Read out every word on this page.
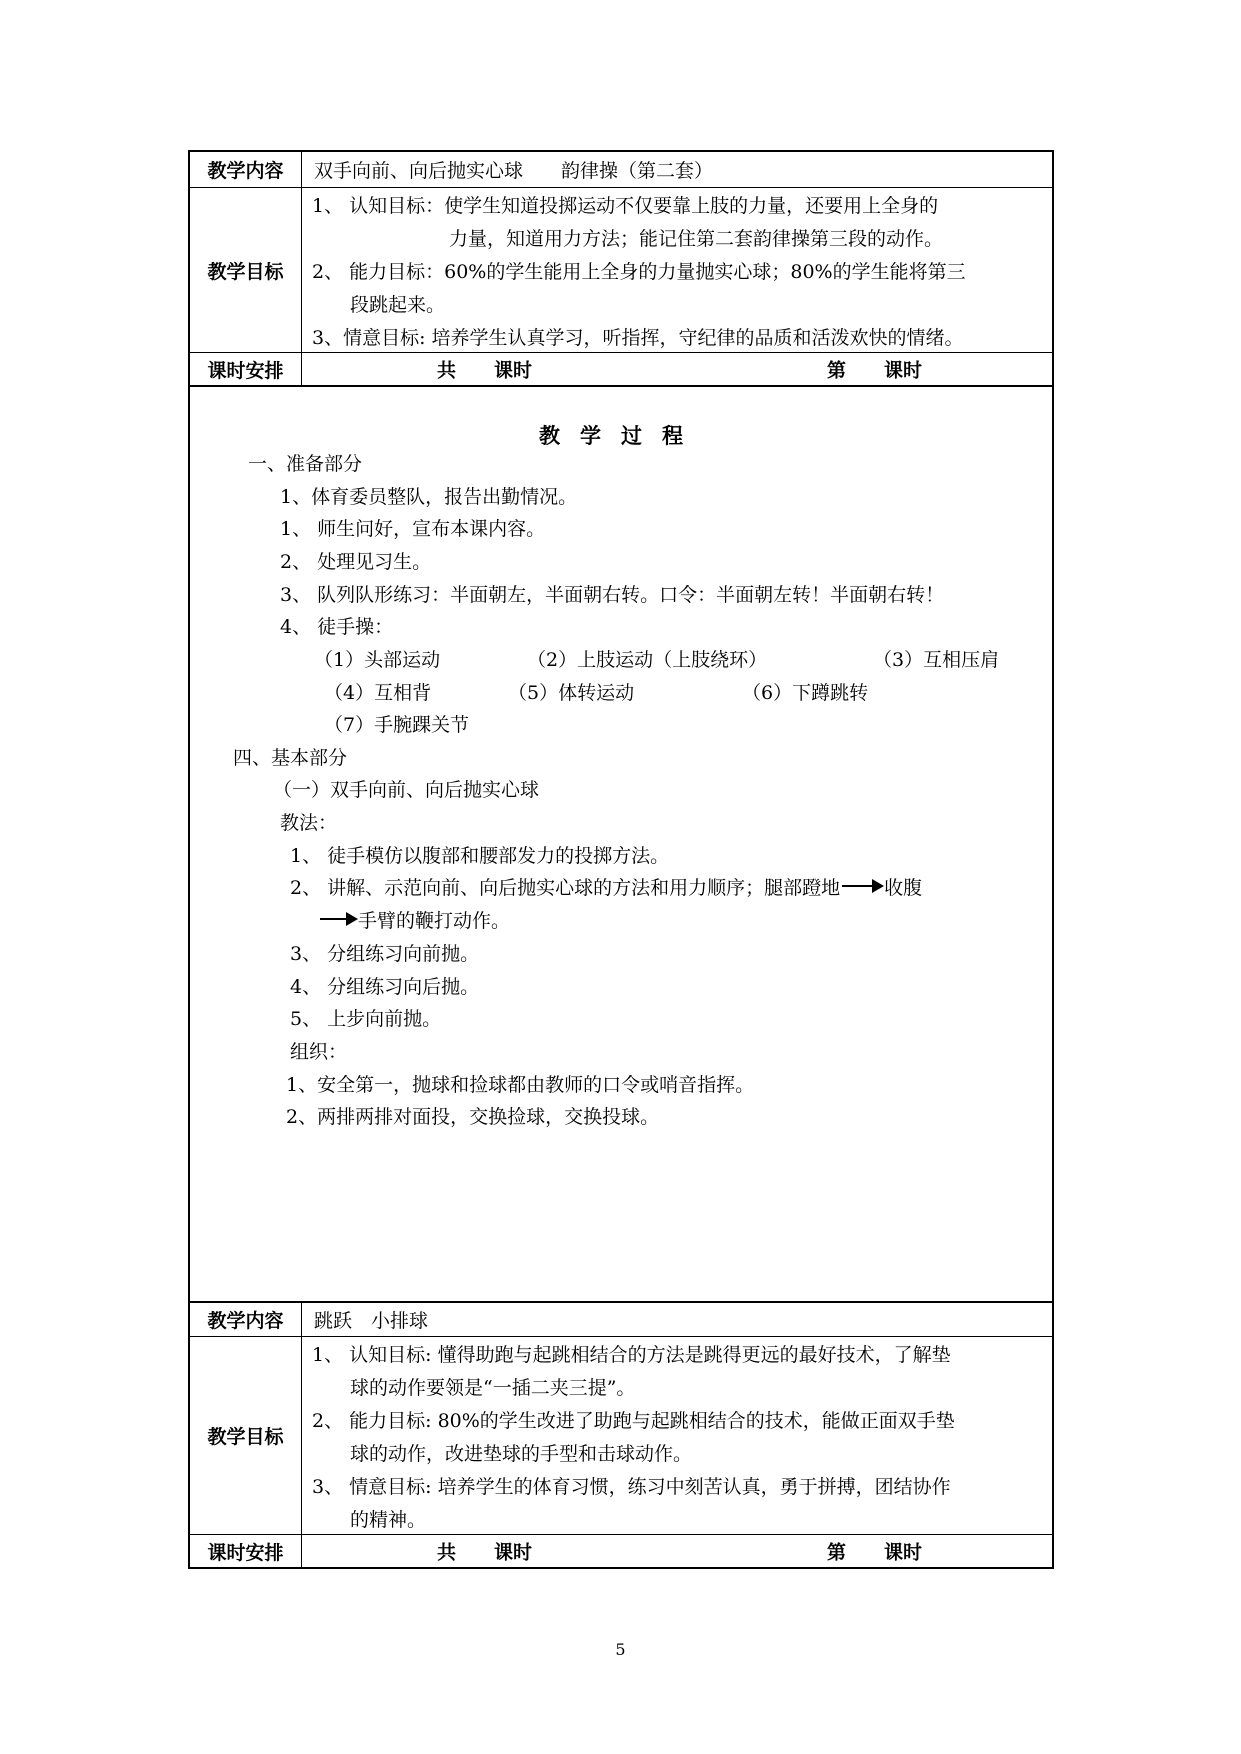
教学内容	双手向前、向后抛实心球　　韵律操（第二套）
教学目标
1、 认知目标：使学生知道投掷运动不仅要靠上肢的力量，还要用上全身的
力量，知道用力方法；能记住第二套韵律操第三段的动作。
2、 能力目标：60%的学生能用上全身的力量抛实心球；80%的学生能将第三
段跳起来。
3、情意目标: 培养学生认真学习，听指挥，守纪律的品质和活泼欢快的情绪。
课时安排	共　　课时	第　　课时
教学过程
一、准备部分
1、体育委员整队，报告出勤情况。
1、 师生问好，宣布本课内容。
2、 处理见习生。
3、 队列队形练习：半面朝左，半面朝右转。口令：半面朝左转！半面朝右转！
4、 徒手操：
（1）头部运动	（2）上肢运动（上肢绕环）	（3）互相压肩
（4）互相背	（5）体转运动	（6）下蹲跳转
（7）手腕踝关节
四、基本部分
（一）双手向前、向后抛实心球
教法：
1、 徒手模仿以腹部和腰部发力的投掷方法。
2、 讲解、示范向前、向后抛实心球的方法和用力顺序；腿部蹬地 收腹
手臂的鞭打动作。
3、 分组练习向前抛。
4、 分组练习向后抛。
5、 上步向前抛。
组织：
1、安全第一，抛球和捡球都由教师的口令或哨音指挥。
2、两排两排对面投，交换捡球，交换投球。
教学内容	跳跃　小排球
教学目标
1、 认知目标: 懂得助跑与起跳相结合的方法是跳得更远的最好技术，了解垫
球的动作要领是“一插二夹三提”。
2、 能力目标: 80%的学生改进了助跑与起跳相结合的技术，能做正面双手垫
球的动作，改进垫球的手型和击球动作。
3、 情意目标: 培养学生的体育习惯，练习中刻苦认真，勇于拼搏，团结协作
的精神。
课时安排	共　　课时	第　　课时
5
